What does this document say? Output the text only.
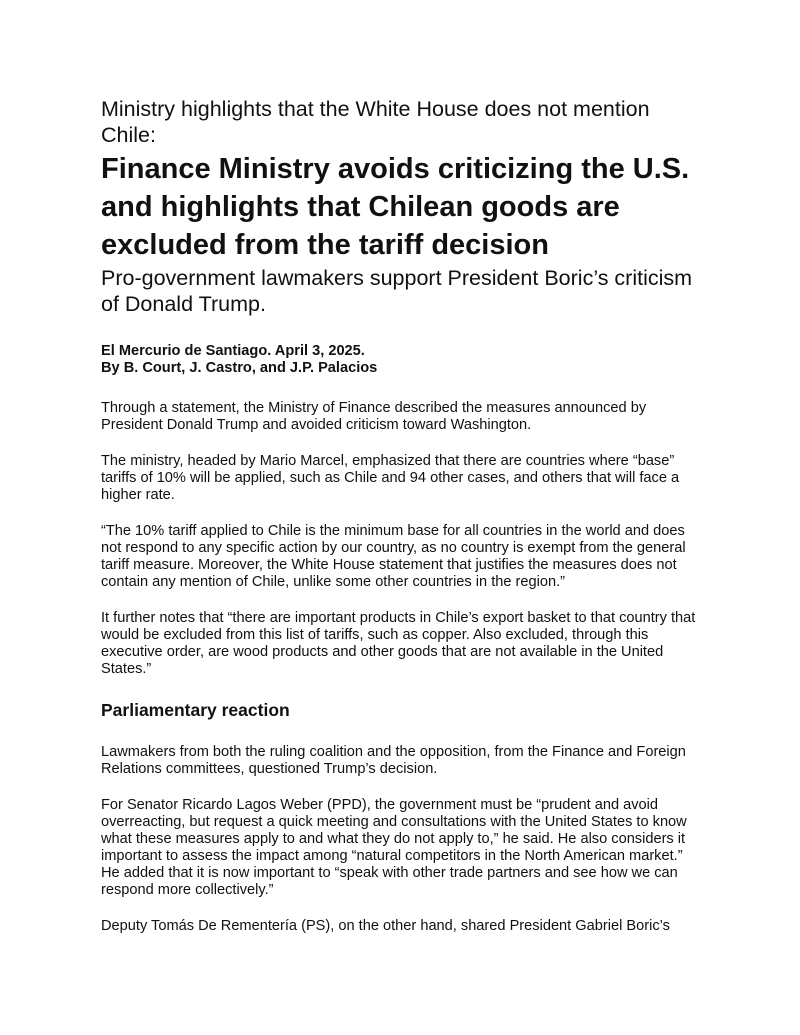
Ministry highlights that the White House does not mention Chile:
Finance Ministry avoids criticizing the U.S. and highlights that Chilean goods are excluded from the tariff decision
Pro-government lawmakers support President Boric’s criticism of Donald Trump.
El Mercurio de Santiago. April 3, 2025.
By B. Court, J. Castro, and J.P. Palacios

Through a statement, the Ministry of Finance described the measures announced by President Donald Trump and avoided criticism toward Washington.

The ministry, headed by Mario Marcel, emphasized that there are countries where “base” tariffs of 10% will be applied, such as Chile and 94 other cases, and others that will face a higher rate.

“The 10% tariff applied to Chile is the minimum base for all countries in the world and does not respond to any specific action by our country, as no country is exempt from the general tariff measure. Moreover, the White House statement that justifies the measures does not contain any mention of Chile, unlike some other countries in the region.”

It further notes that “there are important products in Chile’s export basket to that country that would be excluded from this list of tariffs, such as copper. Also excluded, through this executive order, are wood products and other goods that are not available in the United States.”

Parliamentary reaction

Lawmakers from both the ruling coalition and the opposition, from the Finance and Foreign Relations committees, questioned Trump’s decision.

For Senator Ricardo Lagos Weber (PPD), the government must be “prudent and avoid overreacting, but request a quick meeting and consultations with the United States to know what these measures apply to and what they do not apply to,” he said. He also considers it important to assess the impact among “natural competitors in the North American market.” He added that it is now important to “speak with other trade partners and see how we can respond more collectively.”

Deputy Tomás De Rementería (PS), on the other hand, shared President Gabriel Boric’s
